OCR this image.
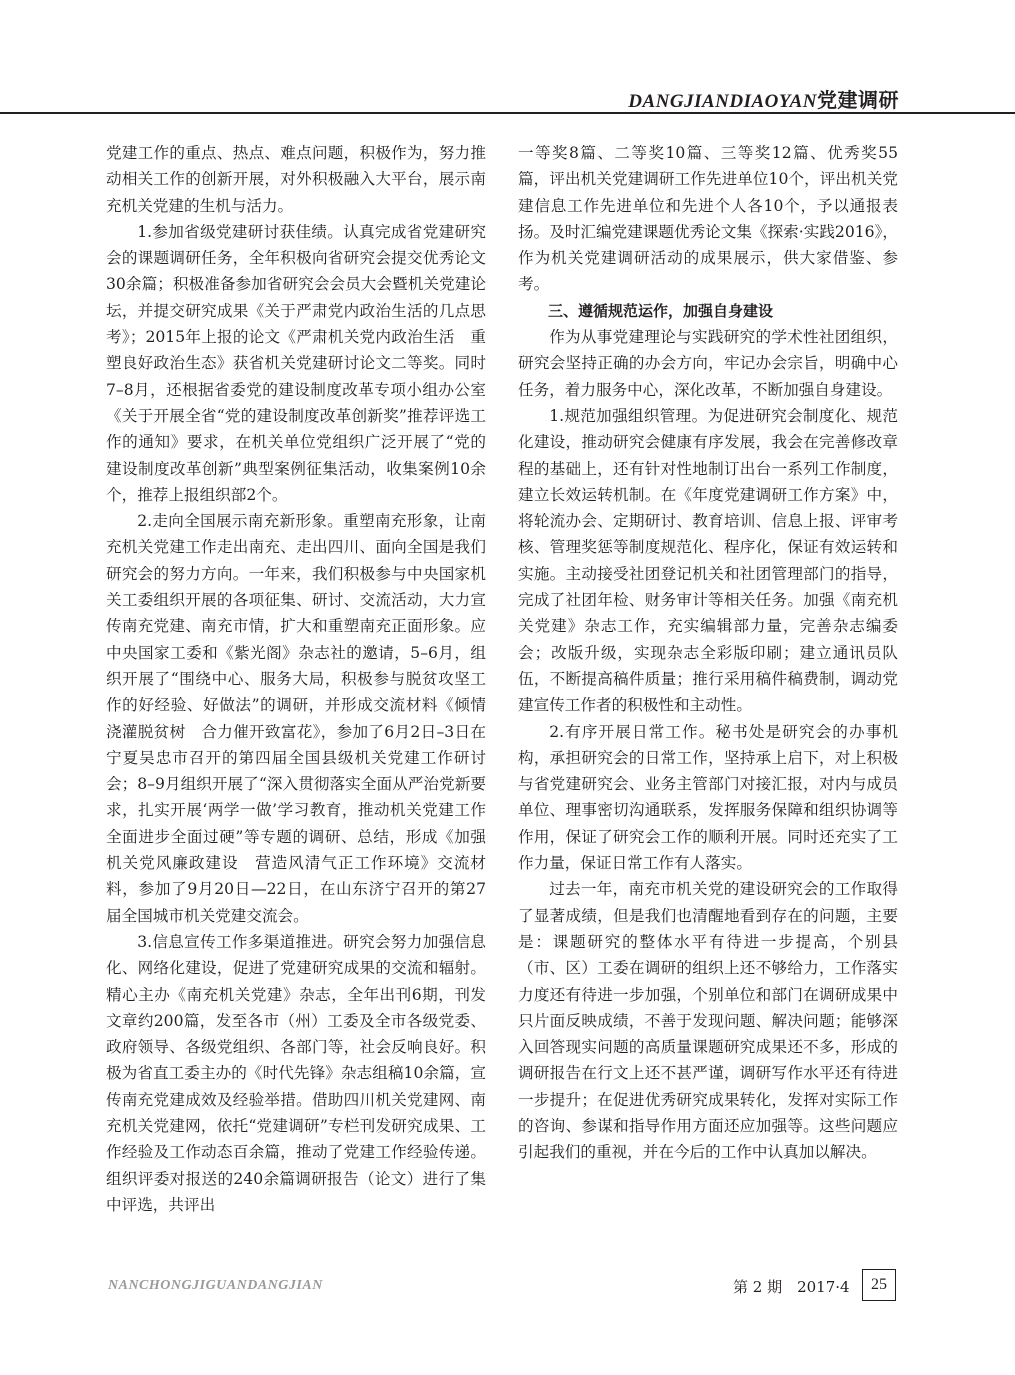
DANGJIANDIAOYAN党建调研

党建工作的重点、热点、难点问题，积极作为，努力推动相关工作的创新开展，对外积极融入大平台，展示南充机关党建的生机与活力。

1.参加省级党建研讨获佳绩。认真完成省党建研究会的课题调研任务，全年积极向省研究会提交优秀论文30余篇；积极准备参加省研究会会员大会暨机关党建论坛，并提交研究成果《关于严肃党内政治生活的几点思考》；2015年上报的论文《严肃机关党内政治生活　重塑良好政治生态》获省机关党建研讨论文二等奖。同时7–8月，还根据省委党的建设制度改革专项小组办公室《关于开展全省“党的建设制度改革创新奖”推荐评选工作的通知》要求，在机关单位党组织广泛开展了“党的建设制度改革创新”典型案例征集活动，收集案例10余个，推荐上报组织部2个。

2.走向全国展示南充新形象。重塑南充形象，让南充机关党建工作走出南充、走出四川、面向全国是我们研究会的努力方向。一年来，我们积极参与中央国家机关工委组织开展的各项征集、研讨、交流活动，大力宣传南充党建、南充市情，扩大和重塑南充正面形象。应中央国家工委和《紫光阁》杂志社的邀请，5–6月，组织开展了“围绕中心、服务大局，积极参与脱贫攻坚工作的好经验、好做法”的调研，并形成交流材料《倾情浇灌脱贫树　合力催开致富花》，参加了6月2日–3日在宁夏吴忠市召开的第四届全国县级机关党建工作研讨会；8–9月组织开展了“深入贯彻落实全面从严治党新要求，扎实开展‘两学一做’学习教育，推动机关党建工作全面进步全面过硬”等专题的调研、总结，形成《加强机关党风廉政建设　营造风清气正工作环境》交流材料，参加了9月20日—22日，在山东济宁召开的第27届全国城市机关党建交流会。

3.信息宣传工作多渠道推进。研究会努力加强信息化、网络化建设，促进了党建研究成果的交流和辐射。精心主办《南充机关党建》杂志，全年出刊6期，刊发文章约200篇，发至各市（州）工委及全市各级党委、政府领导、各级党组织、各部门等，社会反响良好。积极为省直工委主办的《时代先锋》杂志组稿10余篇，宣传南充党建成效及经验举措。借助四川机关党建网、南充机关党建网，依托“党建调研”专栏刊发研究成果、工作经验及工作动态百余篇，推动了党建工作经验传递。组织评委对报送的240余篇调研报告（论文）进行了集中评选，共评出

一等奖8篇、二等奖10篇、三等奖12篇、优秀奖55篇，评出机关党建调研工作先进单位10个，评出机关党建信息工作先进单位和先进个人各10个，予以通报表扬。及时汇编党建课题优秀论文集《探索·实践2016》，作为机关党建调研活动的成果展示，供大家借鉴、参考。

三、遵循规范运作，加强自身建设

作为从事党建理论与实践研究的学术性社团组织，研究会坚持正确的办会方向，牢记办会宗旨，明确中心任务，着力服务中心，深化改革，不断加强自身建设。

1.规范加强组织管理。为促进研究会制度化、规范化建设，推动研究会健康有序发展，我会在完善修改章程的基础上，还有针对性地制订出台一系列工作制度，建立长效运转机制。在《年度党建调研工作方案》中，将轮流办会、定期研讨、教育培训、信息上报、评审考核、管理奖惩等制度规范化、程序化，保证有效运转和实施。主动接受社团登记机关和社团管理部门的指导，完成了社团年检、财务审计等相关任务。加强《南充机关党建》杂志工作，充实编辑部力量，完善杂志编委会；改版升级，实现杂志全彩版印刷；建立通讯员队伍，不断提高稿件质量；推行采用稿件稿费制，调动党建宣传工作者的积极性和主动性。

2.有序开展日常工作。秘书处是研究会的办事机构，承担研究会的日常工作，坚持承上启下，对上积极与省党建研究会、业务主管部门对接汇报，对内与成员单位、理事密切沟通联系，发挥服务保障和组织协调等作用，保证了研究会工作的顺利开展。同时还充实了工作力量，保证日常工作有人落实。

过去一年，南充市机关党的建设研究会的工作取得了显著成绩，但是我们也清醒地看到存在的问题，主要是：课题研究的整体水平有待进一步提高，个别县（市、区）工委在调研的组织上还不够给力，工作落实力度还有待进一步加强，个别单位和部门在调研成果中只片面反映成绩，不善于发现问题、解决问题；能够深入回答现实问题的高质量课题研究成果还不多，形成的调研报告在行文上还不甚严谨，调研写作水平还有待进一步提升；在促进优秀研究成果转化，发挥对实际工作的咨询、参谋和指导作用方面还应加强等。这些问题应引起我们的重视，并在今后的工作中认真加以解决。

NANCHONGJIGUANDANGJIAN	第 2 期　2017·4	25
